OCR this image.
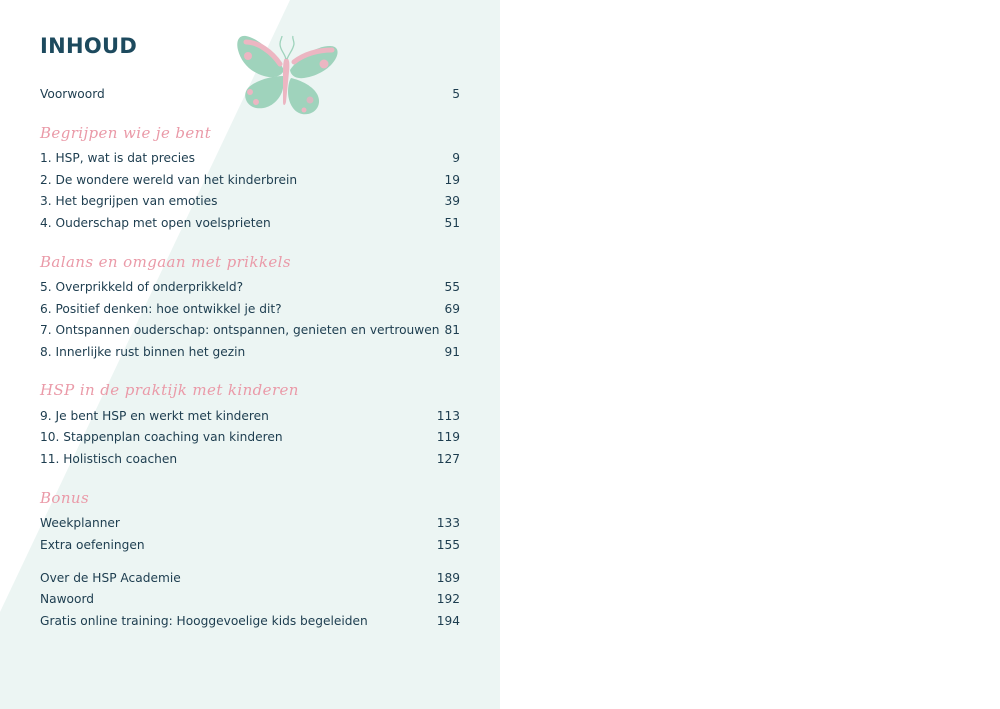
INHOUD
Voorwoord	5
Begrijpen wie je bent
1. HSP, wat is dat precies	9
2. De wondere wereld van het kinderbrein	19
3. Het begrijpen van emoties	39
4. Ouderschap met open voelsprieten	51
Balans en omgaan met prikkels
5. Overprikkeld of onderprikkeld?	55
6. Positief denken: hoe ontwikkel je dit?	69
7. Ontspannen ouderschap: ontspannen, genieten en vertrouwen 81
8. Innerlijke rust binnen het gezin	91
HSP in de praktijk met kinderen
9. Je bent HSP en werkt met kinderen	113
10. Stappenplan coaching van kinderen	119
11. Holistisch coachen	127
Bonus
Weekplanner	133
Extra oefeningen	155
Over de HSP Academie	189
Nawoord	192
Gratis online training: Hooggevoelige kids begeleiden	194
